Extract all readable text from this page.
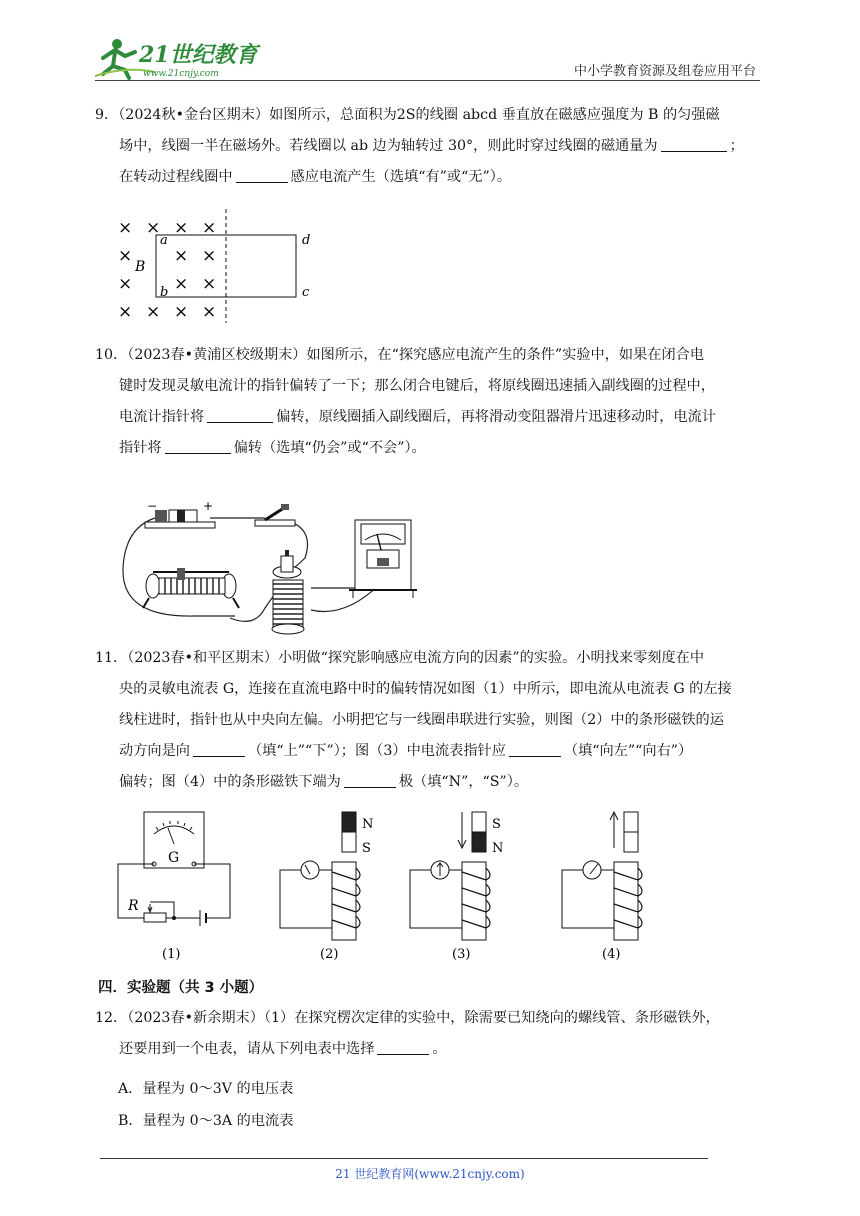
21世纪教育
www.21cnjy.com	中小学教育资源及组卷应用平台

9．（2024秋•金台区期末）如图所示，总面积为2S的线圈 abcd 垂直放在磁感应强度为 B 的匀强磁

场中，线圈一半在磁场外。若线圈以 ab 边为轴转过 30°，则此时穿过线圈的磁通量为	；

在转动过程线圈中	感应电流产生（选填“有”或“无”）。

× × × ×
× × ×
× × ×
× × × ×
a
b
d
c
B

10．（2023春•黄浦区校级期末）如图所示，在“探究感应电流产生的条件”实验中，如果在闭合电

键时发现灵敏电流计的指针偏转了一下；那么闭合电键后，将原线圈迅速插入副线圈的过程中，

电流计指针将	偏转，原线圈插入副线圈后，再将滑动变阻器滑片迅速移动时，电流计

指针将	偏转（选填“仍会”或“不会”）。

−	+

11．（2023春•和平区期末）小明做“探究影响感应电流方向的因素”的实验。小明找来零刻度在中

央的灵敏电流表 G，连接在直流电路中时的偏转情况如图（1）中所示，即电流从电流表 G 的左接

线柱进时，指针也从中央向左偏。小明把它与一线圈串联进行实验，则图（2）中的条形磁铁的运

动方向是向	（填“上”“下”）；图（3）中电流表指针应	（填“向左”“向右”）

偏转；图（4）中的条形磁铁下端为	极（填“N”，“S”）。

G
R
(1)
N
S
(2)
S
N
(3)	(4)
四．实验题（共 3 小题）

12．（2023春•新余期末）（1）在探究楞次定律的实验中，除需要已知绕向的螺线管、条形磁铁外，

还要用到一个电表，请从下列电表中选择	。

A．量程为 0～3V 的电压表
B．量程为 0～3A 的电流表
21 世纪教育网(www.21cnjy.com)
